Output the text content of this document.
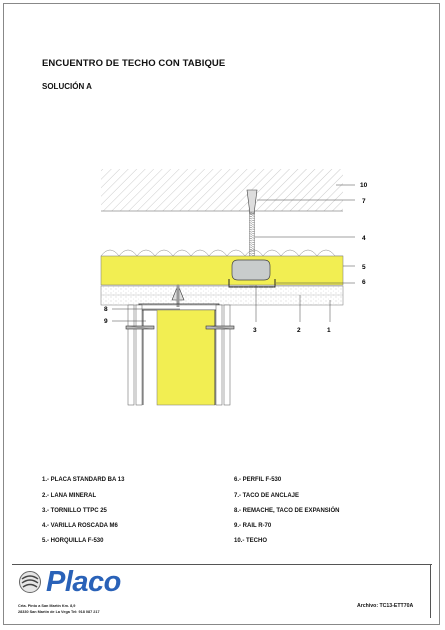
ENCUENTRO DE TECHO CON TABIQUE
SOLUCIÓN A
10
7
4
5
6
8
9
3	2	1
1.- PLACA STANDARD BA 13
2.- LANA MINERAL
3.- TORNILLO TTPC 25
4.- VARILLA ROSCADA M6
5.- HORQUILLA F-530
6.- PERFIL F-530
7.- TACO DE ANCLAJE
8.- REMACHE, TACO DE EXPANSIÓN
9.- RAIL R-70
10.- TECHO
Placo
Crta. Pinto a San Martín Km. 8,9
28330 San Martín de La Vega Tel: 918 087 217
Archivo: TC13-ETT70A
